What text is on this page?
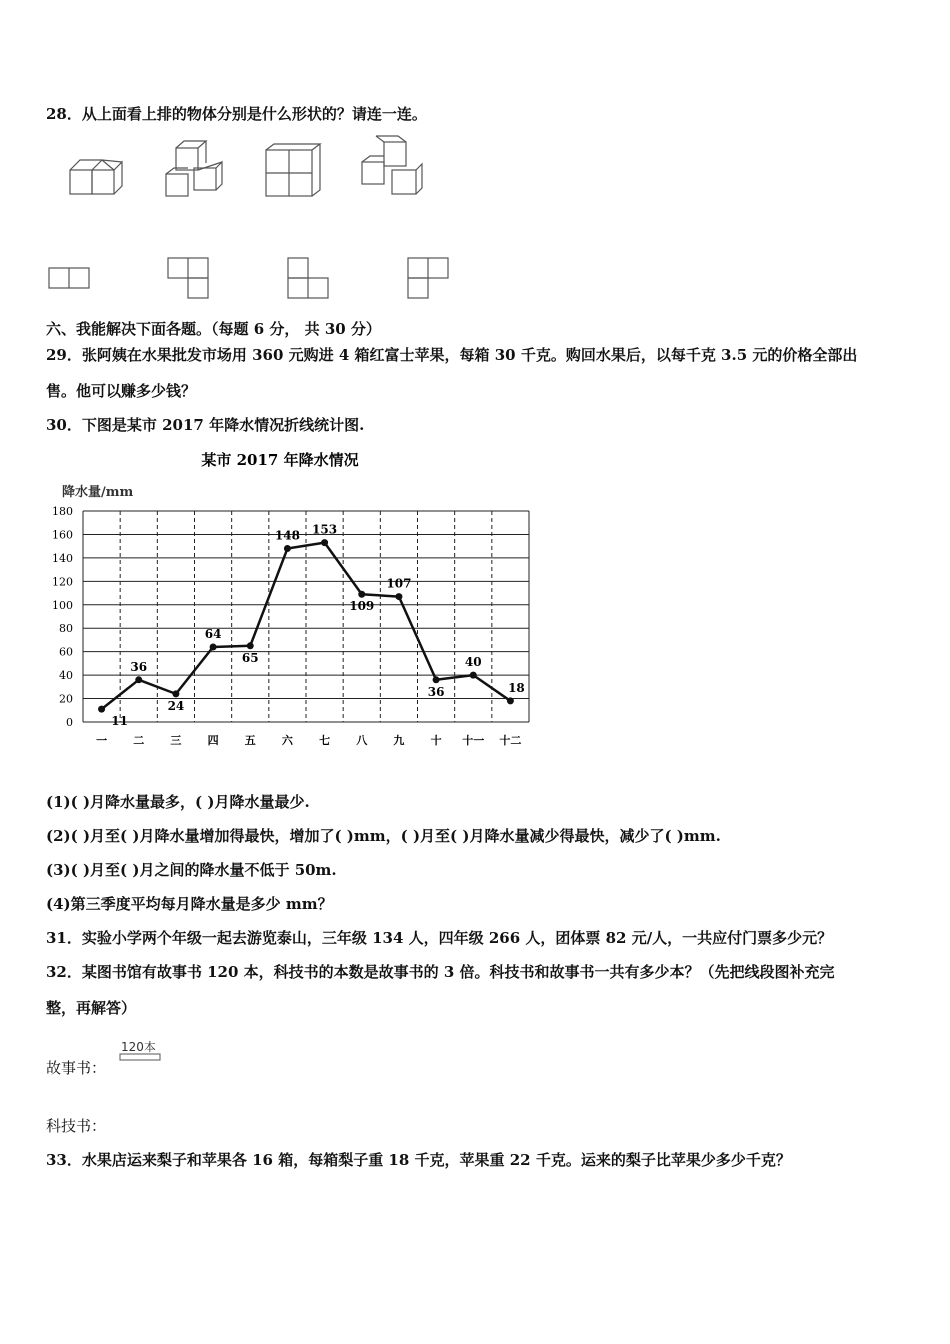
28．从上面看上排的物体分别是什么形状的？请连一连。
六、我能解决下面各题。（每题 6 分， 共 30 分）
29．张阿姨在水果批发市场用 360 元购进 4 箱红富士苹果，每箱 30 千克。购回水果后，以每千克 3.5 元的价格全部出
售。他可以赚多少钱？
30．下图是某市 2017 年降水情况折线统计图.
某市 2017 年降水情况
降水量/mm
0
20
40
60
80
100
120
140
160
180
一 二 三 四 五 六 七 八 九 十 十一 十二
11
36
24
64
65
148 153
109
107
36
40
18
(1)( )月降水量最多，( )月降水量最少.
(2)( )月至( )月降水量增加得最快，增加了( )mm，( )月至( )月降水量减少得最快，减少了( )mm.
(3)( )月至( )月之间的降水量不低于 50m.
(4)第三季度平均每月降水量是多少 mm？
31．实验小学两个年级一起去游览泰山，三年级 134 人，四年级 266 人，团体票 82 元/人，一共应付门票多少元？
32．某图书馆有故事书 120 本，科技书的本数是故事书的 3 倍。科技书和故事书一共有多少本？（先把线段图补充完
整，再解答）
故事书：
120本
科技书：
33．水果店运来梨子和苹果各 16 箱，每箱梨子重 18 千克，苹果重 22 千克。运来的梨子比苹果少多少千克？
